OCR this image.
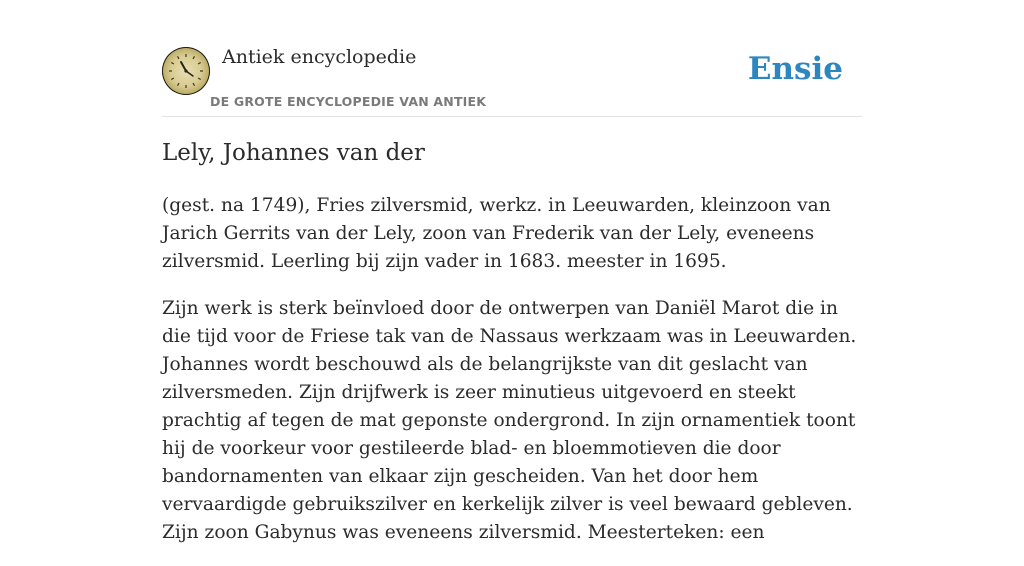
Antiek encyclopedie
DE GROTE ENCYCLOPEDIE VAN ANTIEK
Ensie
Lely, Johannes van der

(gest. na 1749), Fries zilversmid, werkz. in Leeuwarden, kleinzoon van Jarich Gerrits van der Lely, zoon van Frederik van der Lely, eveneens zilversmid. Leerling bij zijn vader in 1683. meester in 1695.

Zijn werk is sterk beïnvloed door de ontwerpen van Daniël Marot die in die tijd voor de Friese tak van de Nassaus werkzaam was in Leeuwarden. Johannes wordt beschouwd als de belangrijkste van dit geslacht van zilversmeden. Zijn drijfwerk is zeer minutieus uitgevoerd en steekt prachtig af tegen de mat geponste ondergrond. In zijn ornamentiek toont hij de voorkeur voor gestileerde blad- en bloemmotieven die door bandornamenten van elkaar zijn gescheiden. Van het door hem vervaardigde gebruikszilver en kerkelijk zilver is veel bewaard gebleven. Zijn zoon Gabynus was eveneens zilversmid. Meesterteken: een
